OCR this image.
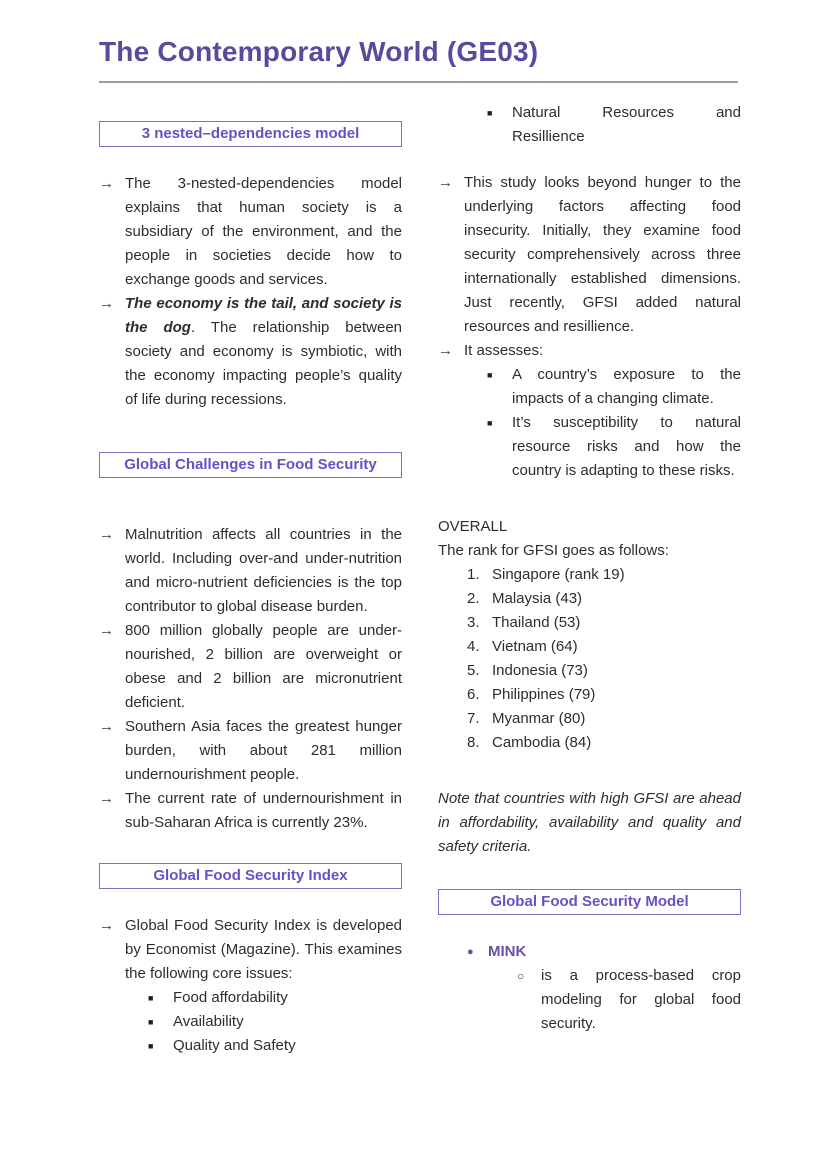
The Contemporary World (GE03)
3 nested–dependencies model
→ The 3-nested-dependencies model explains that human society is a subsidiary of the environment, and the people in societies decide how to exchange goods and services.

→ The economy is the tail, and society is the dog. The relationship between society and economy is symbiotic, with the economy impacting people’s quality of life during recessions.

Global Challenges in Food Security
→ Malnutrition affects all countries in the world. Including over-and under-nutrition and micro-nutrient deficiencies is the top contributor to global disease burden.

→ 800 million globally people are under-nourished, 2 billion are overweight or obese and 2 billion are micronutrient deficient.

→ Southern Asia faces the greatest hunger burden, with about 281 million undernourishment people.

→ The current rate of undernourishment in sub-Saharan Africa is currently 23%.

Global Food Security Index
→ Global Food Security Index is developed by Economist (Magazine). This examines the following core issues:

■	Food affordability

■	Availability

■	Quality and Safety

■	Natural Resources and Resillience

→ This study looks beyond hunger to the underlying factors affecting food insecurity. Initially, they examine food security comprehensively across three internationally established dimensions. Just recently, GFSI added natural resources and resillience.

→ It assesses:

■	A country’s exposure to the impacts of a changing climate.

■	It’s susceptibility to natural resource risks and how the country is adapting to these risks.

OVERALL

The rank for GFSI goes as follows:

1. Singapore (rank 19)

2. Malaysia (43)

3. Thailand (53)

4. Vietnam (64)

5. Indonesia (73)

6. Philippines (79)

7. Myanmar (80)

8. Cambodia (84)

Note that countries with high GFSI are ahead in affordability, availability and quality and safety criteria.

Global Food Security Model
● MINK

○	is a process-based crop modeling for global food security.
